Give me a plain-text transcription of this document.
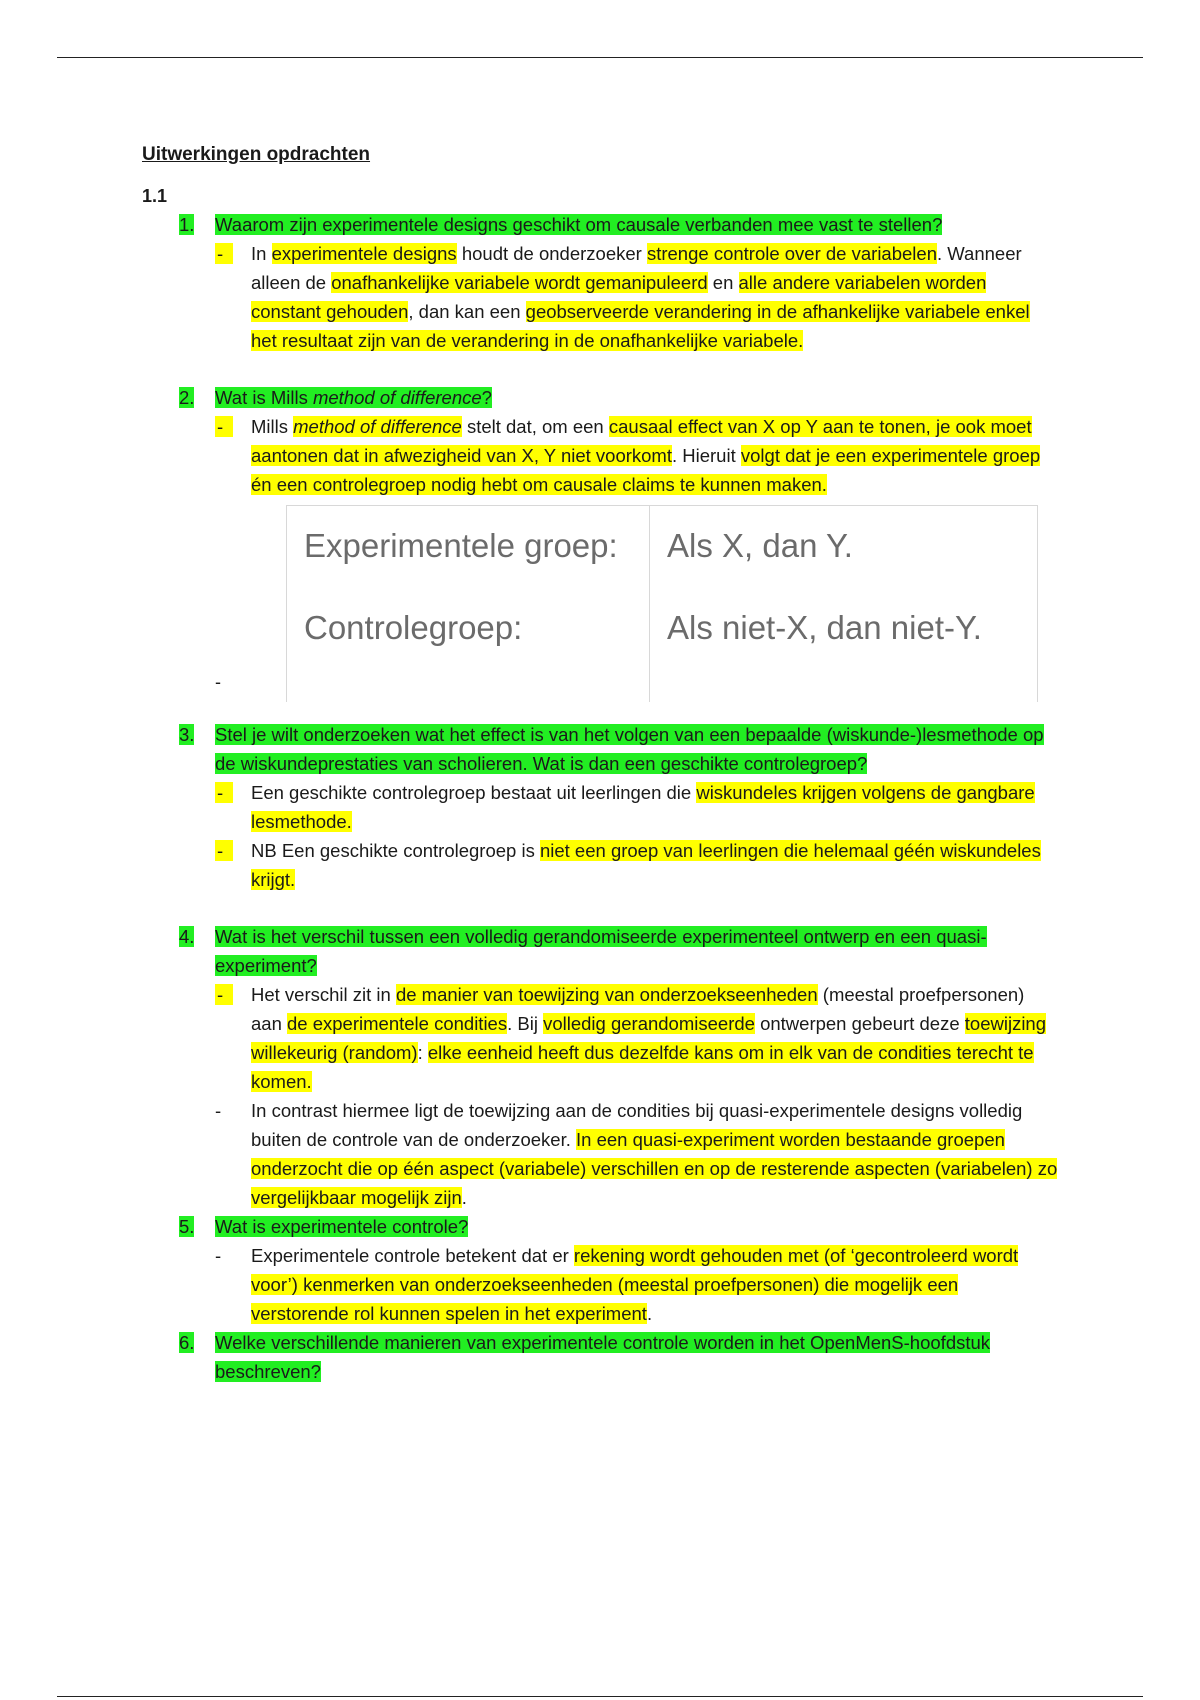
Uitwerkingen opdrachten

1.1
1.	Waarom zijn experimentele designs geschikt om causale verbanden mee vast te stellen?
-	In experimentele designs houdt de onderzoeker strenge controle over de variabelen. Wanneer alleen de onafhankelijke variabele wordt gemanipuleerd en alle andere variabelen worden constant gehouden, dan kan een geobserveerde verandering in de afhankelijke variabele enkel het resultaat zijn van de verandering in de onafhankelijke variabele.
2.	Wat is Mills method of difference?
-	Mills method of difference stelt dat, om een causaal effect van X op Y aan te tonen, je ook moet aantonen dat in afwezigheid van X, Y niet voorkomt. Hieruit volgt dat je een experimentele groep én een controlegroep nodig hebt om causale claims te kunnen maken.
Experimentele groep: Als X, dan Y.
Controlegroep:	Als niet-X, dan niet-Y.
-
3.	Stel je wilt onderzoeken wat het effect is van het volgen van een bepaalde (wiskunde-)lesmethode op de wiskundeprestaties van scholieren. Wat is dan een geschikte controlegroep?
-	Een geschikte controlegroep bestaat uit leerlingen die wiskundeles krijgen volgens de gangbare lesmethode.
-	NB Een geschikte controlegroep is niet een groep van leerlingen die helemaal géén wiskundeles krijgt.
4.	Wat is het verschil tussen een volledig gerandomiseerde experimenteel ontwerp en een quasi-experiment?
-	Het verschil zit in de manier van toewijzing van onderzoekseenheden (meestal proefpersonen) aan de experimentele condities. Bij volledig gerandomiseerde ontwerpen gebeurt deze toewijzing willekeurig (random): elke eenheid heeft dus dezelfde kans om in elk van de condities terecht te komen.
-	In contrast hiermee ligt de toewijzing aan de condities bij quasi-experimentele designs volledig buiten de controle van de onderzoeker. In een quasi-experiment worden bestaande groepen onderzocht die op één aspect (variabele) verschillen en op de resterende aspecten (variabelen) zo vergelijkbaar mogelijk zijn.
5.	Wat is experimentele controle?
-	Experimentele controle betekent dat er rekening wordt gehouden met (of ‘gecontroleerd wordt voor’) kenmerken van onderzoekseenheden (meestal proefpersonen) die mogelijk een verstorende rol kunnen spelen in het experiment.
6.	Welke verschillende manieren van experimentele controle worden in het OpenMenS-hoofdstuk beschreven?
